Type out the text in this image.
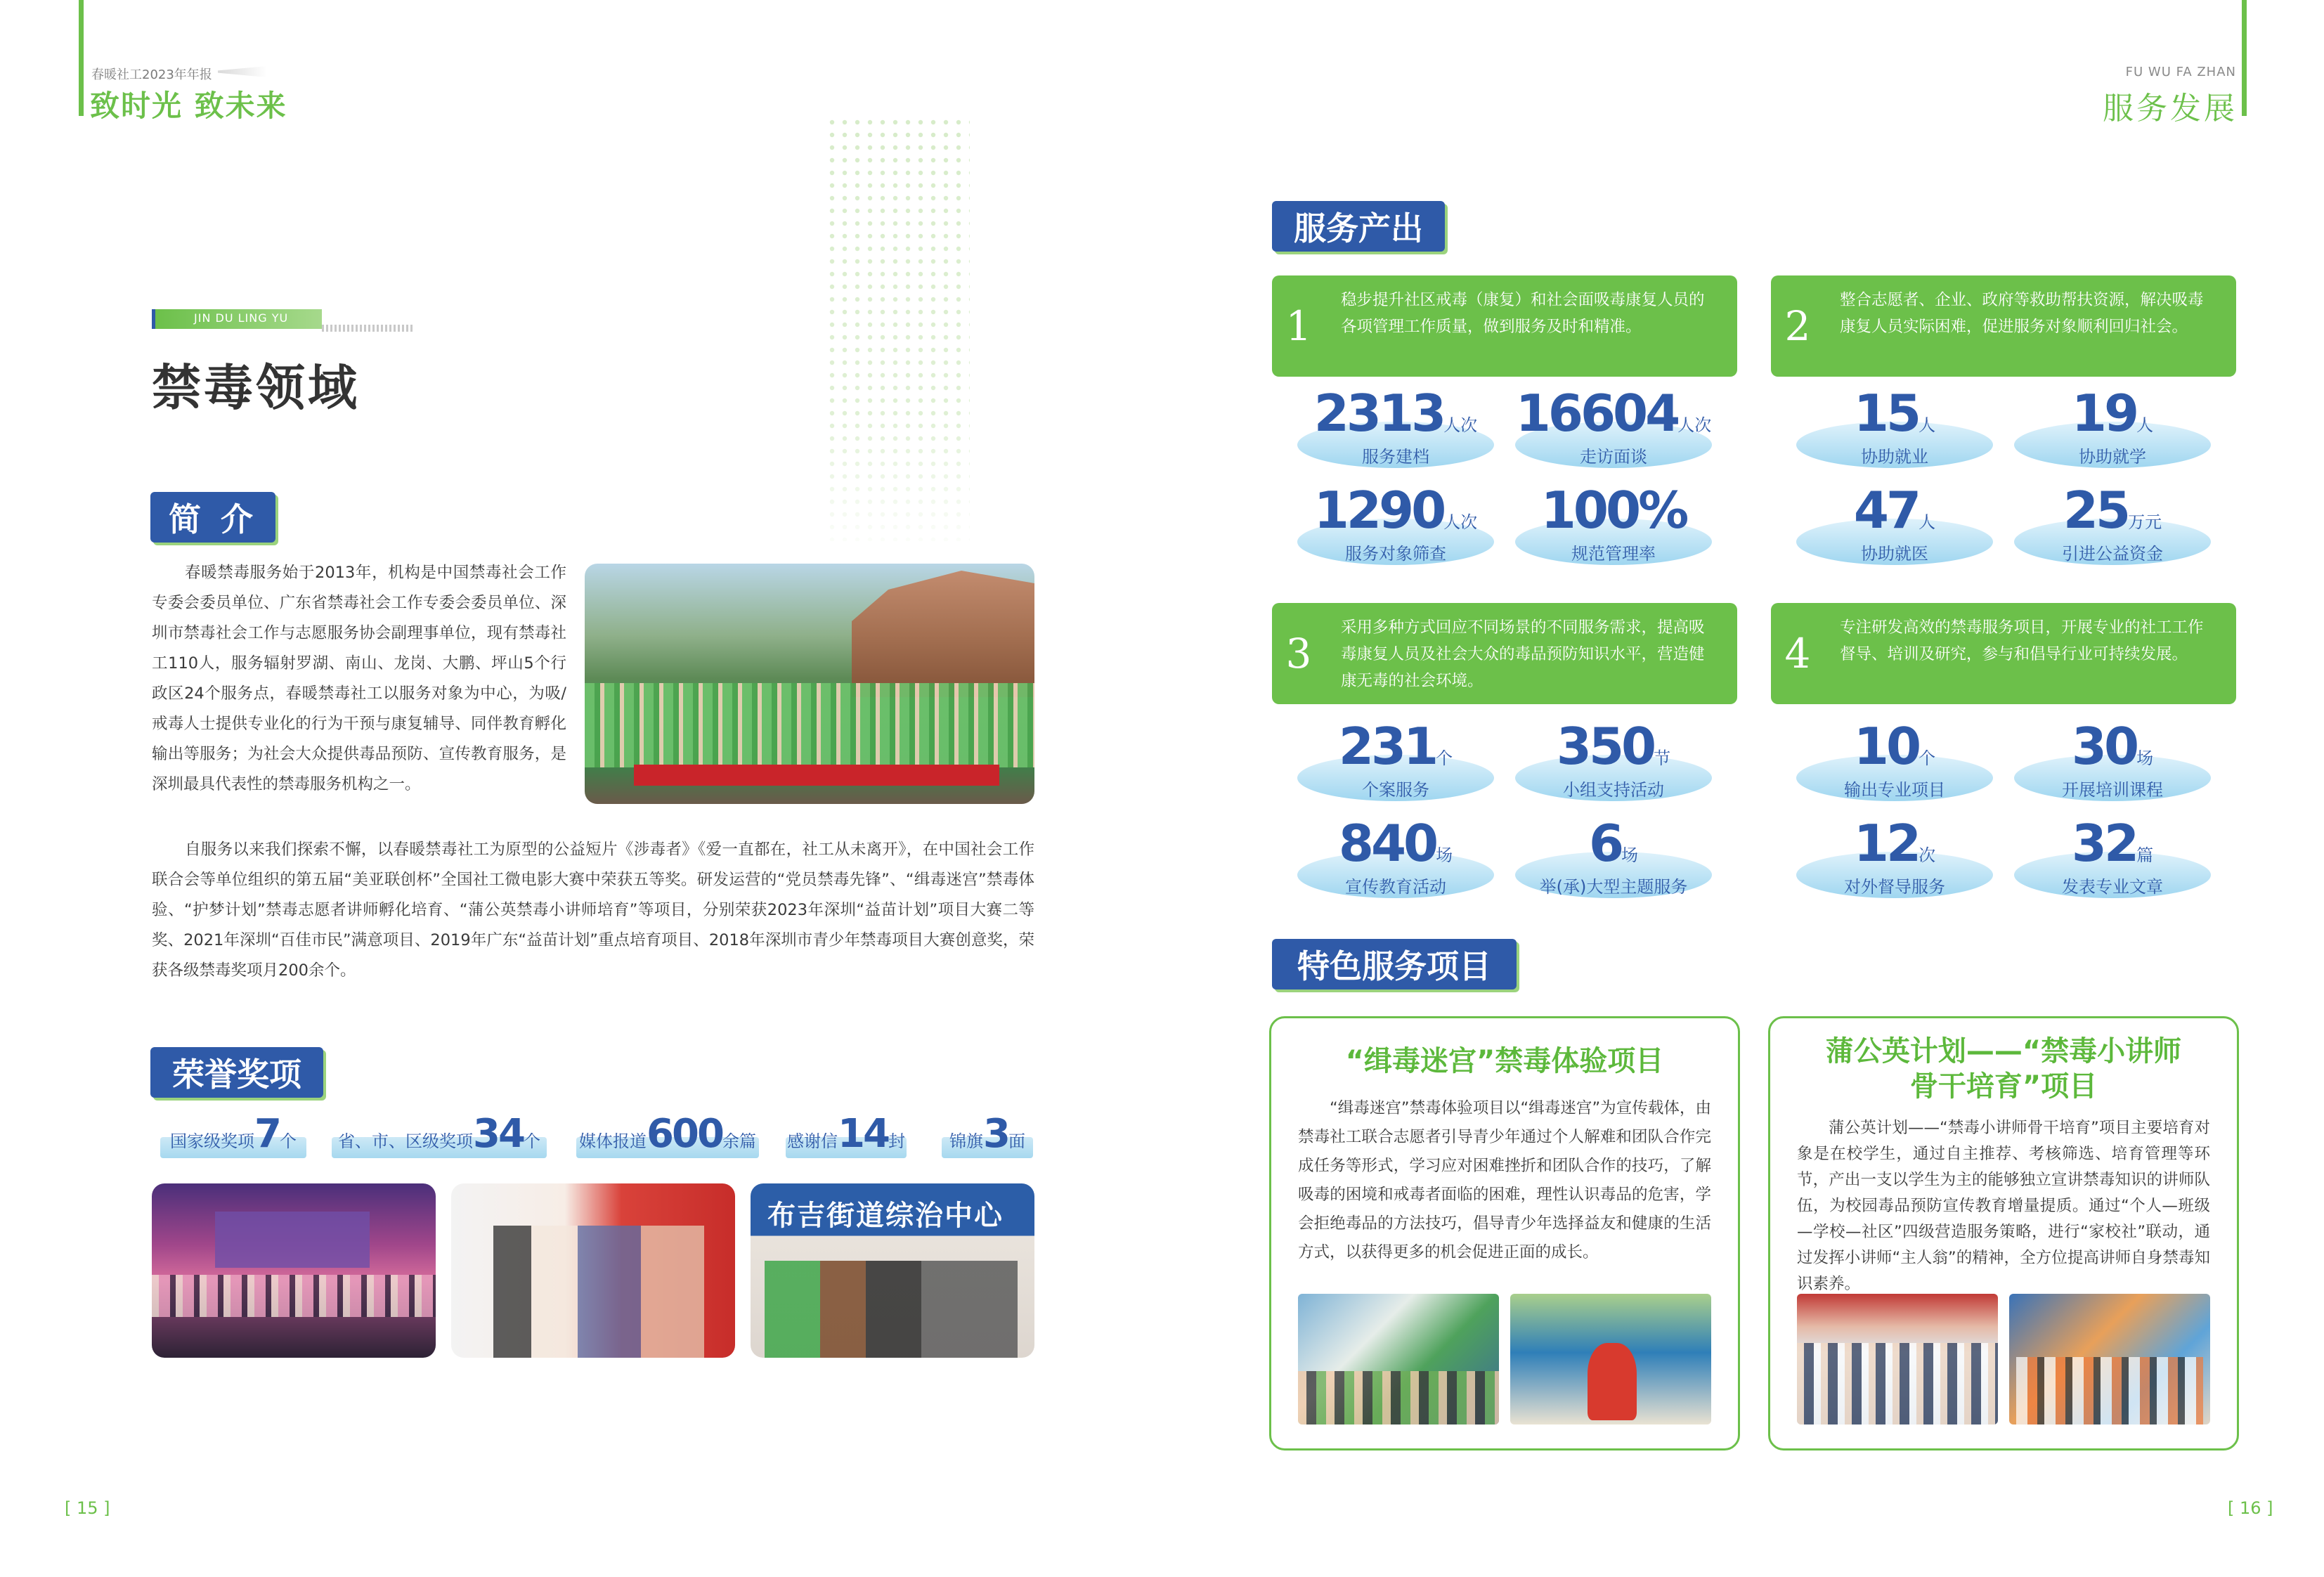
春暖社工2023年年报
致时光 致未来
FU WU FA ZHAN
服务发展
JIN DU LING YU
禁毒领域
简 介
春暖禁毒服务始于2013年，机构是中国禁毒社会工作专委会委员单位、广东省禁毒社会工作专委会委员单位、深圳市禁毒社会工作与志愿服务协会副理事单位，现有禁毒社工110人，服务辐射罗湖、南山、龙岗、大鹏、坪山5个行政区24个服务点，春暖禁毒社工以服务对象为中心，为吸/戒毒人士提供专业化的行为干预与康复辅导、同伴教育孵化输出等服务；为社会大众提供毒品预防、宣传教育服务，是深圳最具代表性的禁毒服务机构之一。
自服务以来我们探索不懈，以春暖禁毒社工为原型的公益短片《涉毒者》《爱一直都在，社工从未离开》，在中国社会工作联合会等单位组织的第五届“美亚联创杯”全国社工微电影大赛中荣获五等奖。研发运营的“党员禁毒先锋”、“缉毒迷宫”禁毒体验、“护梦计划”禁毒志愿者讲师孵化培育、“蒲公英禁毒小讲师培育”等项目，分别荣获2023年深圳“益苗计划”项目大赛二等奖、2021年深圳“百佳市民”满意项目、2019年广东“益苗计划”重点培育项目、2018年深圳市青少年禁毒项目大赛创意奖，荣获各级禁毒奖项月200余个。
荣誉奖项
国家级奖项7个	省、市、区级奖项34个	媒体报道600余篇 感谢信14封	锦旗3面
布吉街道综治中心
[ 15 ]
服务产出
1
稳步提升社区戒毒（康复）和社会面吸毒康复人员的各项管理工作质量，做到服务及时和精准。	2
整合志愿者、企业、政府等救助帮扶资源，解决吸毒康复人员实际困难，促进服务对象顺利回归社会。
3
采用多种方式回应不同场景的不同服务需求，提高吸毒康复人员及社会大众的毒品预防知识水平，营造健康无毒的社会环境。
4
专注研发高效的禁毒服务项目，开展专业的社工工作督导、培训及研究，参与和倡导行业可持续发展。
2313人次
服务建档
16604人次
走访面谈
15人
协助就业
19人
协助就学
1290人次
服务对象筛查
100%
规范管理率
47人
协助就医
25万元
引进公益资金
231个
个案服务
350节
小组支持活动
10个
输出专业项目
30场
开展培训课程
840场
宣传教育活动
6场
举(承)大型主题服务
12次
对外督导服务
32篇
发表专业文章
特色服务项目
“缉毒迷宫”禁毒体验项目
“缉毒迷宫”禁毒体验项目以“缉毒迷宫”为宣传载体，由禁毒社工联合志愿者引导青少年通过个人解难和团队合作完成任务等形式，学习应对困难挫折和团队合作的技巧，了解吸毒的困境和戒毒者面临的困难，理性认识毒品的危害，学会拒绝毒品的方法技巧，倡导青少年选择益友和健康的生活方式，以获得更多的机会促进正面的成长。
蒲公英计划——“禁毒小讲师
骨干培育”项目
蒲公英计划——“禁毒小讲师骨干培育”项目主要培育对象是在校学生，通过自主推荐、考核筛选、培育管理等环节，产出一支以学生为主的能够独立宣讲禁毒知识的讲师队伍，为校园毒品预防宣传教育增量提质。通过“个人—班级—学校—社区”四级营造服务策略，进行“家校社”联动，通过发挥小讲师“主人翁”的精神，全方位提高讲师自身禁毒知识素养。
[ 16 ]
